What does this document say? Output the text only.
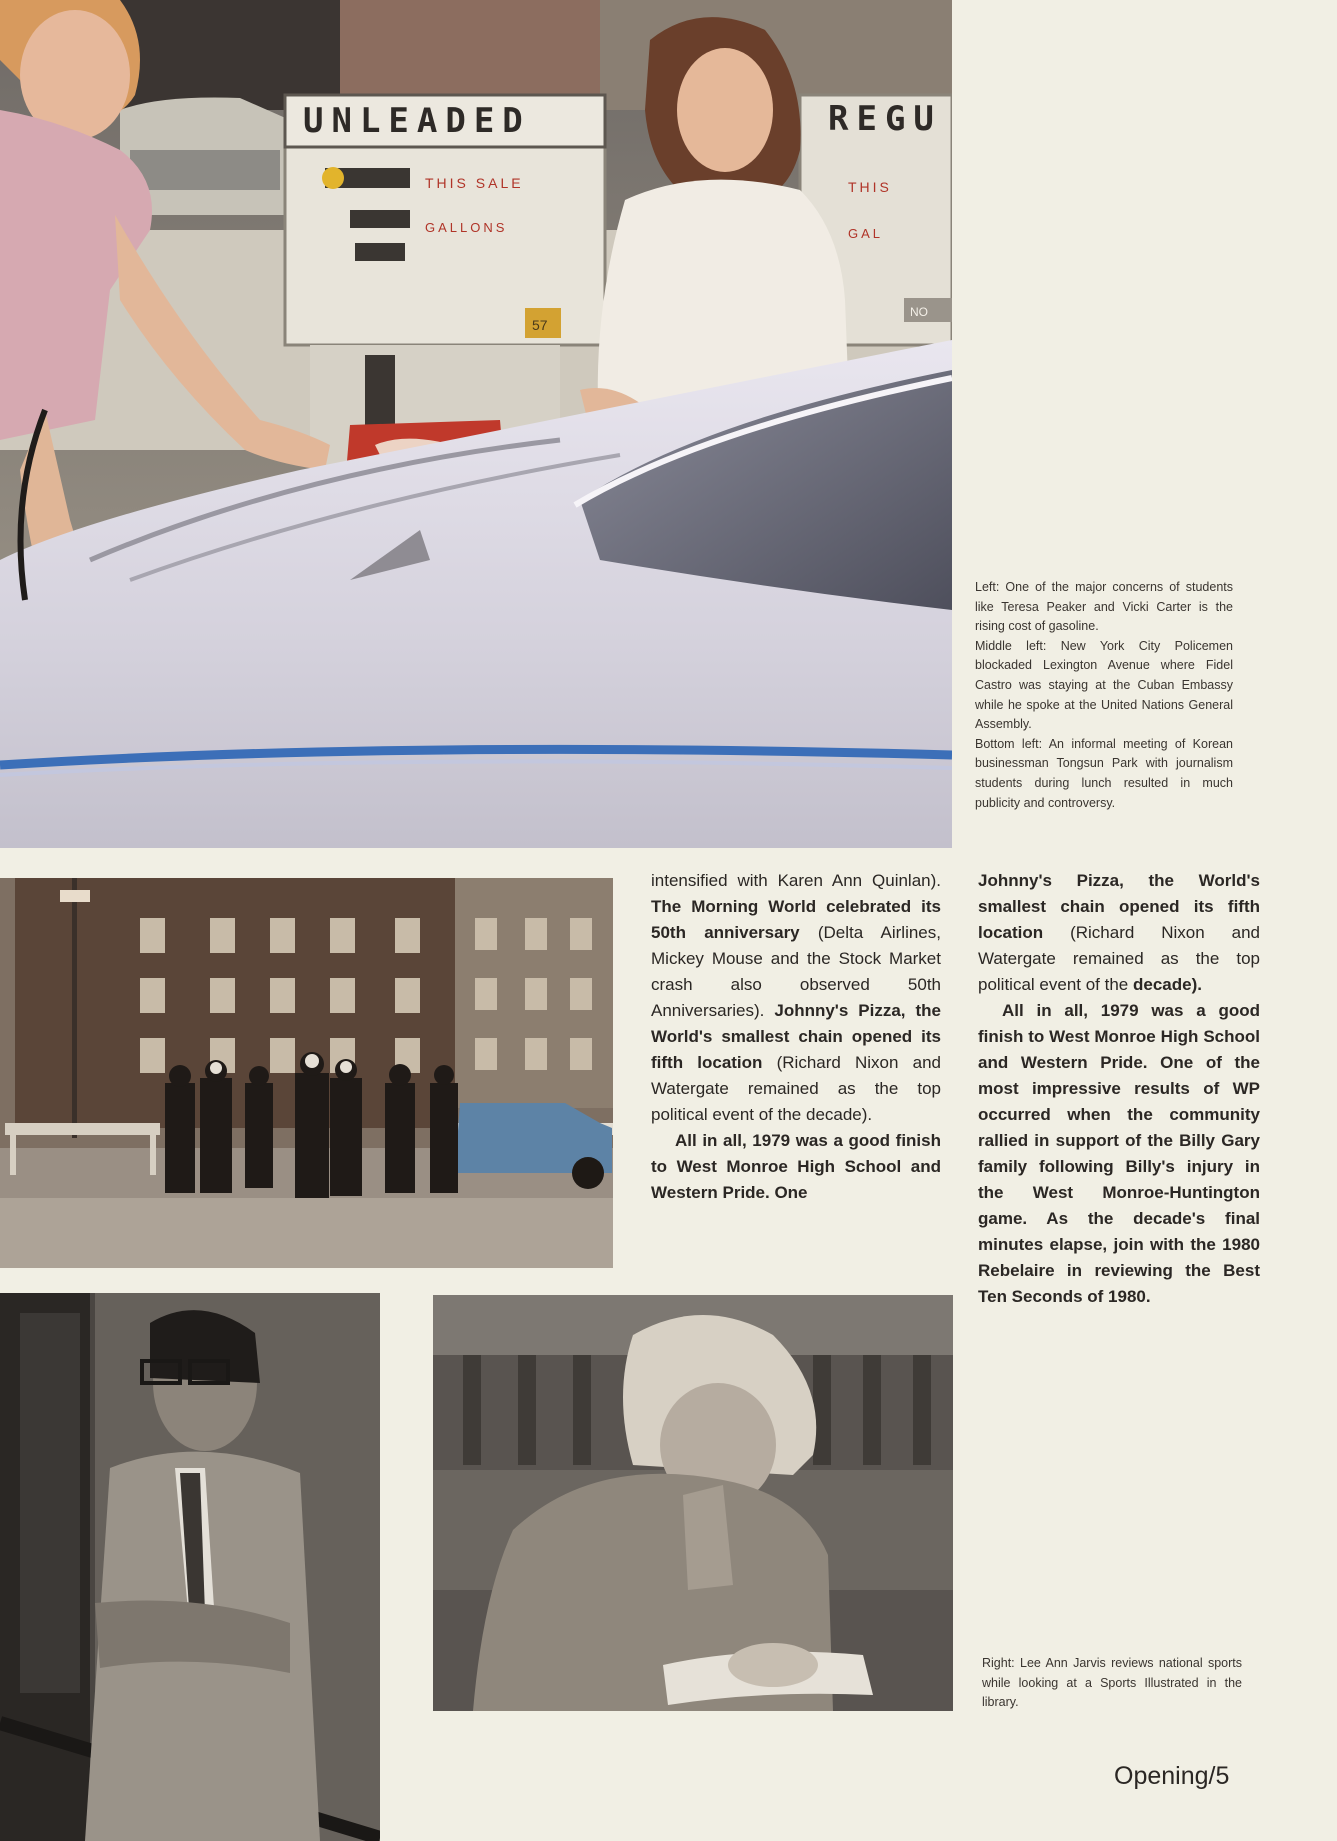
UNLEADED
THIS SALE
GALLONS
57
REGU
THIS
GAL
NO

Left: One of the major concerns of students like Teresa Peaker and Vicki Carter is the rising cost of gasoline.

Middle left: New York City Policemen blockaded Lexington Avenue where Fidel Castro was staying at the Cuban Embassy while he spoke at the United Nations General Assembly.

Bottom left: An informal meeting of Korean businessman Tongsun Park with journalism students during lunch resulted in much publicity and controversy.

intensified with Karen Ann Quinlan). The Morning World celebrated its 50th anniversary (Delta Airlines, Mickey Mouse and the Stock Market crash also observed 50th Anniversaries). Johnny's Pizza, the World's smallest chain opened its fifth location (Richard Nixon and Watergate remained as the top political event of the decade).

All in all, 1979 was a good finish to West Monroe High School and Western Pride. One

Johnny's Pizza, the World's smallest chain opened its fifth location (Richard Nixon and Watergate remained as the top political event of the decade).

All in all, 1979 was a good finish to West Monroe High School and Western Pride. One of the most impressive results of WP occurred when the community rallied in support of the Billy Gary family following Billy's injury in the West Monroe-Huntington game. As the decade's final minutes elapse, join with the 1980 Rebelaire in reviewing the Best Ten Seconds of 1980.

Right: Lee Ann Jarvis reviews national sports while looking at a Sports Illustrated in the library.

Opening/5
